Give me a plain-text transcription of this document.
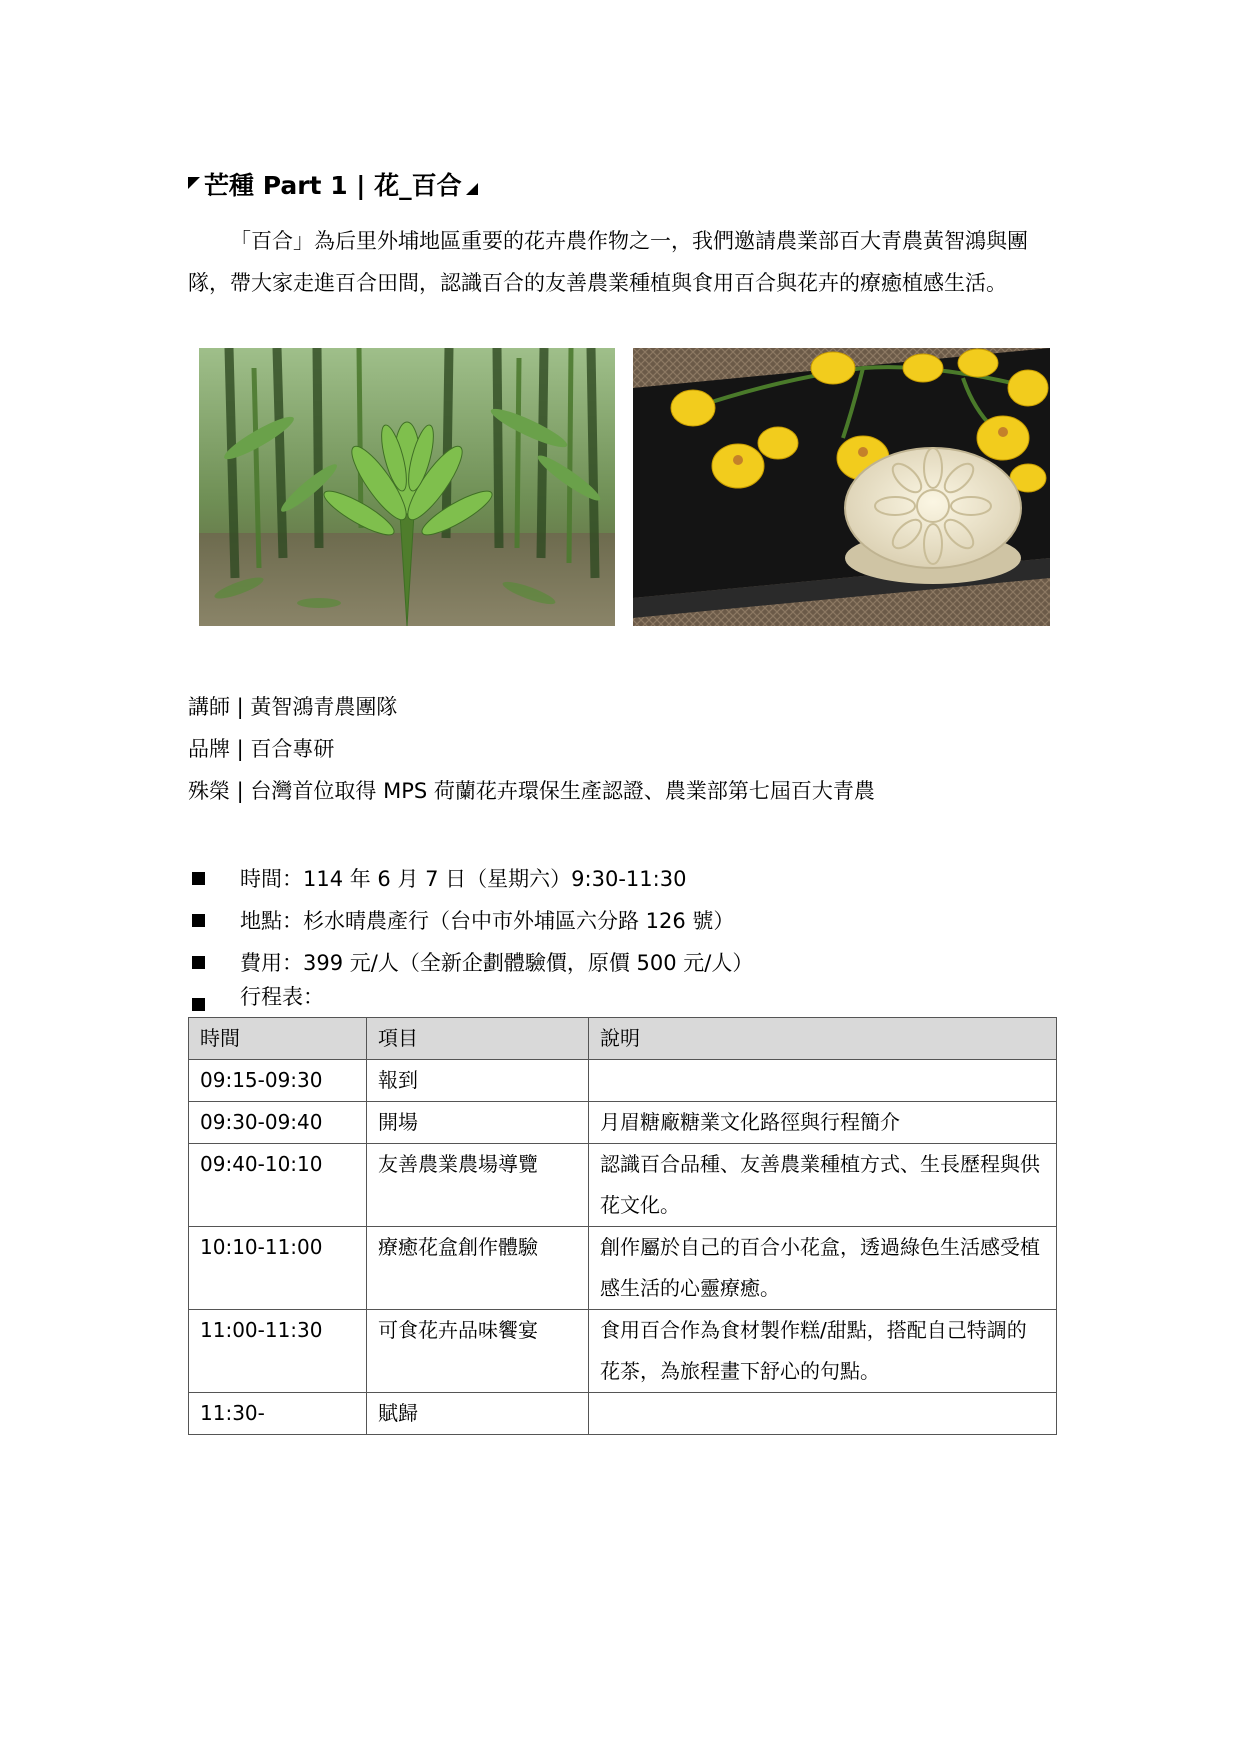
芒種 Part 1 | 花_百合

「百合」為后里外埔地區重要的花卉農作物之一，我們邀請農業部百大青農黃智鴻與團隊，帶大家走進百合田間，認識百合的友善農業種植與食用百合與花卉的療癒植感生活。

講師 | 黃智鴻青農團隊
品牌 | 百合專研
殊榮 | 台灣首位取得 MPS 荷蘭花卉環保生產認證、農業部第七屆百大青農
時間：114 年 6 月 7 日（星期六）9:30-11:30
地點：杉水晴農產行（台中市外埔區六分路 126 號）
費用：399 元/人（全新企劃體驗價，原價 500 元/人）
行程表：
時間	項目	說明
09:15-09:30	報到	
09:30-09:40	開場	月眉糖廠糖業文化路徑與行程簡介
09:40-10:10	友善農業農場導覽	認識百合品種、友善農業種植方式、生長歷程與供花文化。
10:10-11:00	療癒花盒創作體驗	創作屬於自己的百合小花盒，透過綠色生活感受植感生活的心靈療癒。
11:00-11:30	可食花卉品味饗宴	食用百合作為食材製作糕/甜點，搭配自己特調的花茶，為旅程畫下舒心的句點。
11:30-	賦歸	
